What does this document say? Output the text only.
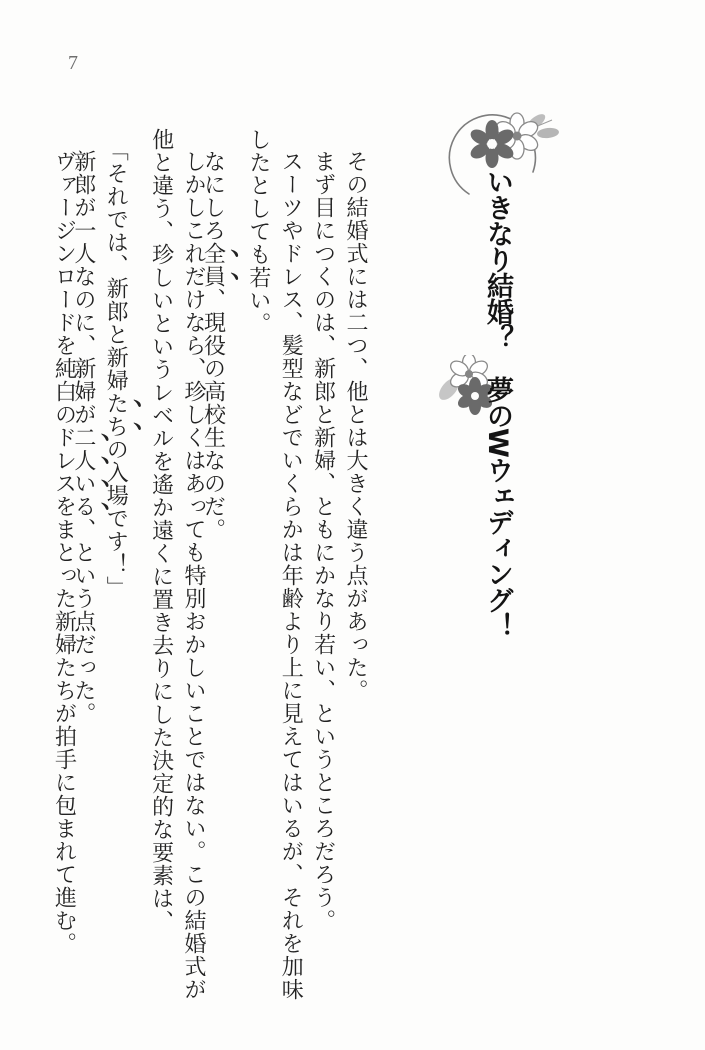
7
いきなり結婚？　夢のWウェディング！
その結婚式には二つ、他とは大きく違う点があった。
まず目につくのは、新郎と新婦、ともにかなり若い、というところだろう。
スーツやドレス、髪型などでいくらかは年齢より上に見えてはいるが、それを加味
したとしても若い。
なにしろ全員、現役の高校生なのだ。
しかしこれだけなら、珍しくはあっても特別おかしいことではない。この結婚式が
他と違う、珍しいというレベルを遙か遠くに置き去りにした決定的な要素は、
「それでは、新郎と新婦たちの入場です！」
新郎が一人なのに、新婦が二人いる、という点だった。
ヴァージンロードを純白のドレスをまとった新婦たちが拍手に包まれて進む。
